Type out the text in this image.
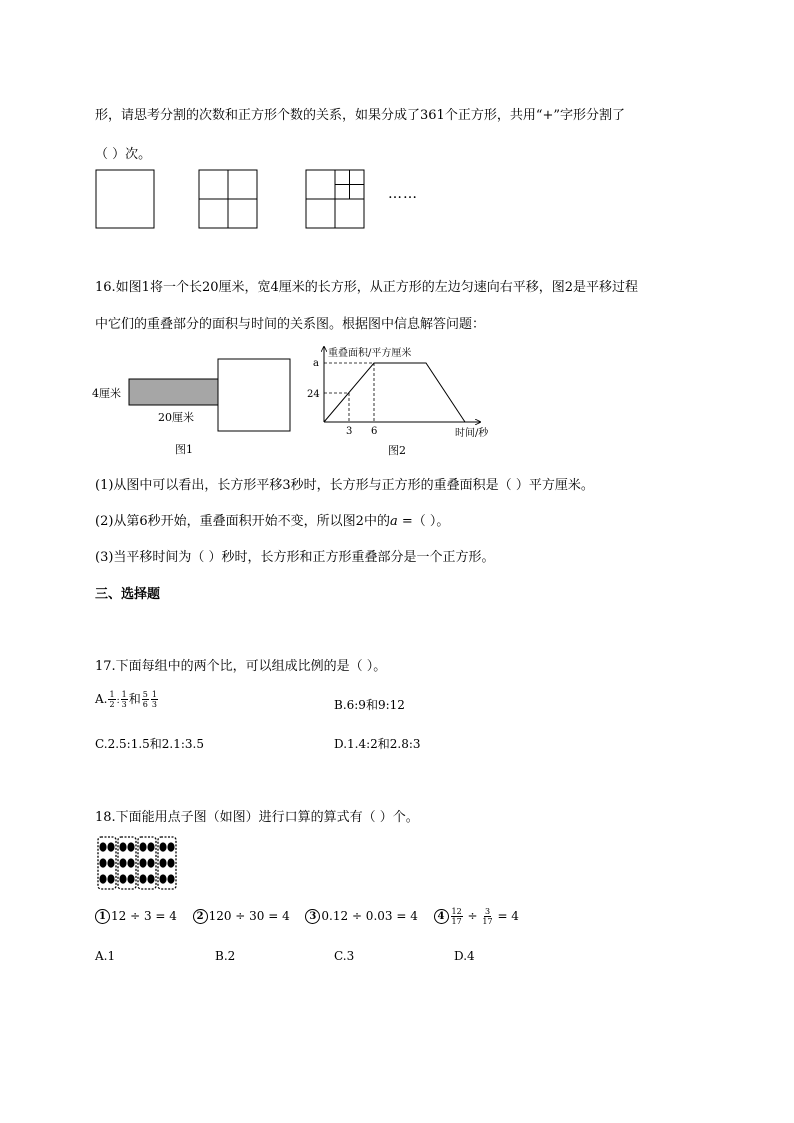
形，请思考分割的次数和正方形个数的关系，如果分成了361个正方形，共用“+”字形分割了
（ ）次。
……
16.如图1将一个长20厘米，宽4厘米的长方形，从正方形的左边匀速向右平移，图2是平移过程
中它们的重叠部分的面积与时间的关系图。根据图中信息解答问题：
4厘米
20厘米
图1
重叠面积/平方厘米
a
24
3 6	时间/秒
图2
(1)从图中可以看出，长方形平移3秒时，长方形与正方形的重叠面积是（ ）平方厘米。
(2)从第6秒开始，重叠面积开始不变，所以图2中的𝑎 =（ ）。
(3)当平移时间为（ ）秒时，长方形和正方形重叠部分是一个正方形。
三、选择题
17.下面每组中的两个比，可以组成比例的是（ ）。
A. $\frac{1}{2}$ : $\frac{1}{3}$ 和 $\frac{5}{6} \frac{1}{3}$	B.6:9和9:12
C.2.5:1.5和2.1:3.5	D.1.4:2和2.8:3
18.下面能用点子图（如图）进行口算的算式有（ ）个。
1 12 ÷ 3 = 4 2 120 ÷ 30 = 4 3 0.12 ÷ 0.03 = 4 $4 \frac{12}{17} \div \frac{3}{17} = 4$
A.1	B.2	C.3	D.4
